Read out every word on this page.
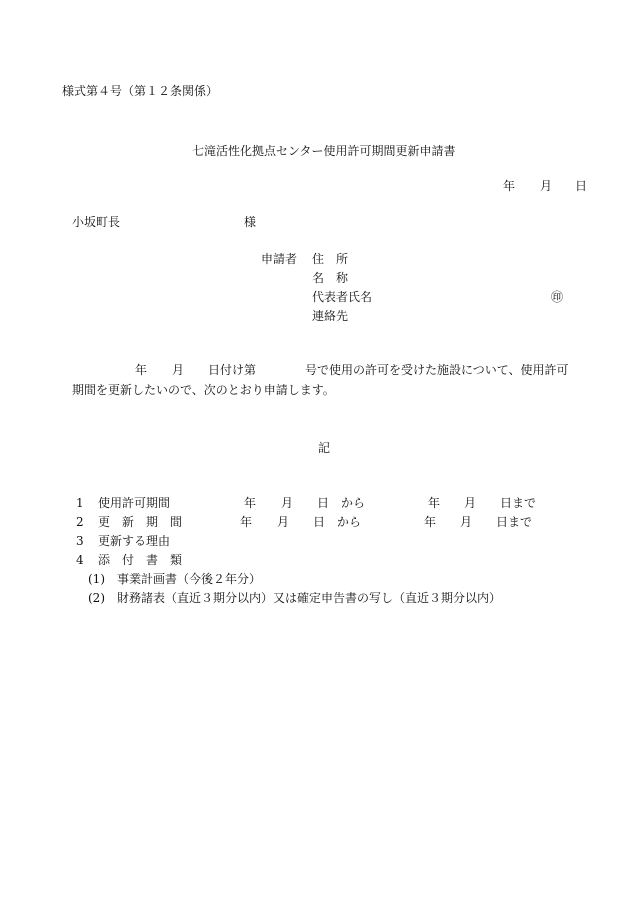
様式第４号（第１２条関係）
七滝活性化拠点センター使用許可期間更新申請書
年 月 日
小坂町長	様
申請者 住　所
名　称
代表者氏名	㊞
連絡先
年 月 日付け第	号で使用の許可を受けた施設について、使用許可
期間を更新したいので、次のとおり申請します。
記
1 使用許可期間	年 月 日 から	年 月 日まで
2 更　新　期　間	年 月 日 から	年 月 日まで
3 更新する理由
4 添　付　書　類
(1) 事業計画書（今後２年分）
(2) 財務諸表（直近３期分以内）又は確定申告書の写し（直近３期分以内）
